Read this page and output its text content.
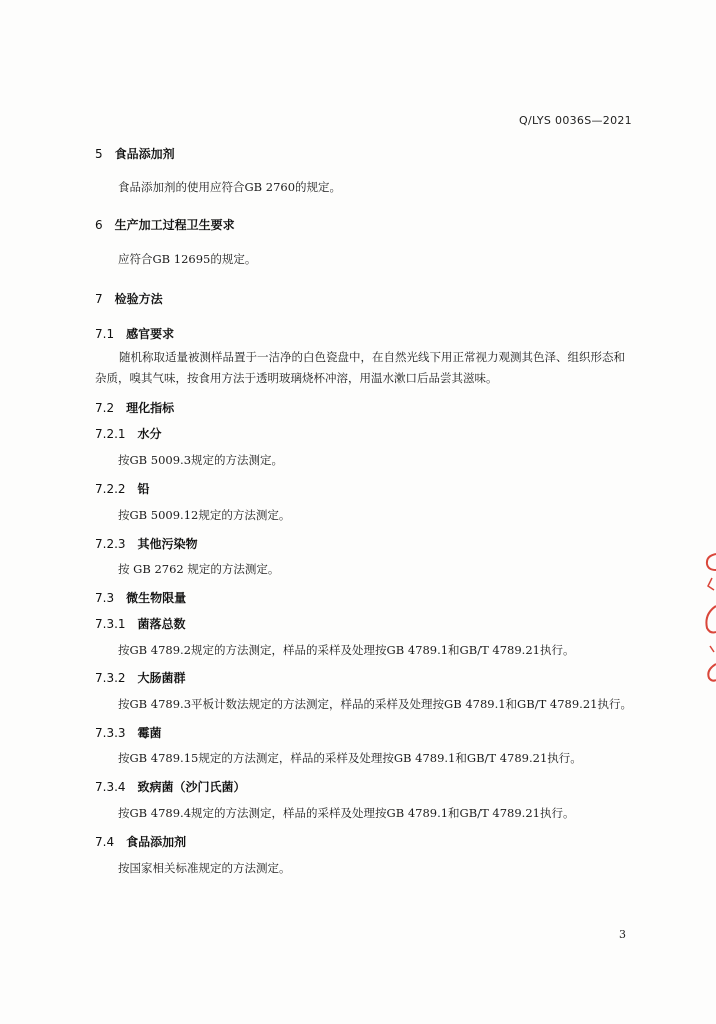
Q/LYS 0036S—2021
5 食品添加剂
食品添加剂的使用应符合GB 2760的规定。
6 生产加工过程卫生要求
应符合GB 12695的规定。
7 检验方法
7.1 感官要求
随机称取适量被测样品置于一洁净的白色瓷盘中，在自然光线下用正常视力观测其色泽、组织形态和杂质，嗅其气味，按食用方法于透明玻璃烧杯冲溶，用温水漱口后品尝其滋味。
7.2 理化指标
7.2.1 水分
按GB 5009.3规定的方法测定。
7.2.2 铅
按GB 5009.12规定的方法测定。
7.2.3 其他污染物
按 GB 2762 规定的方法测定。
7.3 微生物限量
7.3.1 菌落总数
按GB 4789.2规定的方法测定，样品的采样及处理按GB 4789.1和GB/T 4789.21执行。
7.3.2 大肠菌群
按GB 4789.3平板计数法规定的方法测定，样品的采样及处理按GB 4789.1和GB/T 4789.21执行。
7.3.3 霉菌
按GB 4789.15规定的方法测定，样品的采样及处理按GB 4789.1和GB/T 4789.21执行。
7.3.4 致病菌（沙门氏菌）
按GB 4789.4规定的方法测定，样品的采样及处理按GB 4789.1和GB/T 4789.21执行。
7.4 食品添加剂
按国家相关标准规定的方法测定。
3
